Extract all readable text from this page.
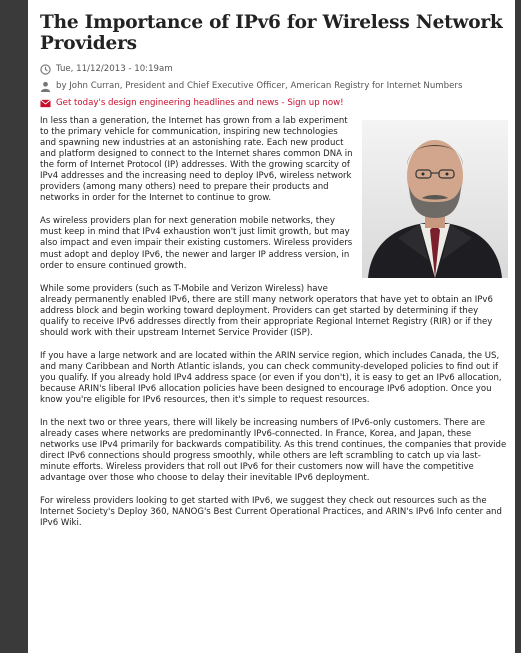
The Importance of IPv6 for Wireless Network Providers
Tue, 11/12/2013 - 10:19am
by John Curran, President and Chief Executive Officer, American Registry for Internet Numbers
Get today's design engineering headlines and news - Sign up now!

In less than a generation, the Internet has grown from a lab experiment to the primary vehicle for communication, inspiring new technologies and spawning new industries at an astonishing rate. Each new product and platform designed to connect to the Internet shares common DNA in the form of Internet Protocol (IP) addresses. With the growing scarcity of IPv4 addresses and the increasing need to deploy IPv6, wireless network providers (among many others) need to prepare their products and networks in order for the Internet to continue to grow.

As wireless providers plan for next generation mobile networks, they must keep in mind that IPv4 exhaustion won't just limit growth, but may also impact and even impair their existing customers. Wireless providers must adopt and deploy IPv6, the newer and larger IP address version, in order to ensure continued growth.

While some providers (such as T-Mobile and Verizon Wireless) have already permanently enabled IPv6, there are still many network operators that have yet to obtain an IPv6 address block and begin working toward deployment. Providers can get started by determining if they qualify to receive IPv6 addresses directly from their appropriate Regional Internet Registry (RIR) or if they should work with their upstream Internet Service Provider (ISP).

If you have a large network and are located within the ARIN service region, which includes Canada, the US, and many Caribbean and North Atlantic islands, you can check community-developed policies to find out if you qualify. If you already hold IPv4 address space (or even if you don't), it is easy to get an IPv6 allocation, because ARIN's liberal IPv6 allocation policies have been designed to encourage IPv6 adoption. Once you know you're eligible for IPv6 resources, then it's simple to request resources.

In the next two or three years, there will likely be increasing numbers of IPv6-only customers. There are already cases where networks are predominantly IPv6-connected. In France, Korea, and Japan, these networks use IPv4 primarily for backwards compatibility. As this trend continues, the companies that provide direct IPv6 connections should progress smoothly, while others are left scrambling to catch up via last-minute efforts. Wireless providers that roll out IPv6 for their customers now will have the competitive advantage over those who choose to delay their inevitable IPv6 deployment.

For wireless providers looking to get started with IPv6, we suggest they check out resources such as the Internet Society's Deploy 360, NANOG's Best Current Operational Practices, and ARIN's IPv6 Info center and IPv6 Wiki.
